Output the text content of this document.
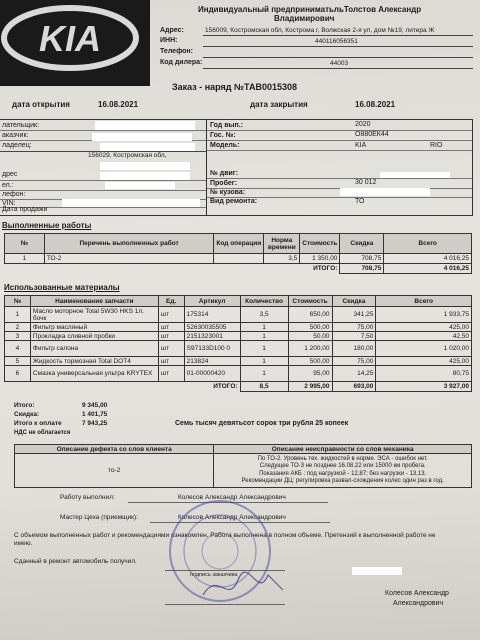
KIA
Индивидуальный предприниматьльТолстов Александр
Владимирович
Адрес:	156009, Костромская обл, Кострома г, Волжская 2-я ул, дом №19, литера Ж
ИНН:	440116056351
Телефон:
Код дилера:	44003
Заказ - наряд №ТАВ0015308
дата открытия	16.08.2021	дата закрытия	16.08.2021
лательщик:
аказчик:
ладелец:
156029, Костромская обл,
дрес
ел.:
лефон:
VIN:
Дата продажи
Год вып.:	2020
Гос. №:	О880ЕК44
Модель:	KIA	RIO
№ двиг:
Пробег:	30 012
№ кузова:
Вид ремонта:	ТО
Выполненные работы
№	Перечень выполненных работ	Код операции	Норма времени	Стоимость	Скидка	Всего
1	ТО-2		3,5	1 350,00	708,75	4 016,25
		ИТОГО:			708,75	4 016,25
Использованные материалы
№	Наименование запчасти	Ед.	Артикул	Количество	Стоимость	Скидка	Всего
1	Масло моторное Total 5W30 HKS 1л. бочк	шт	175314	3,5	650,00	341,25	1 933,75
2	Фильтр масляный	шт	52630035505	1	500,00	75,00	425,00
3	Прокладка сливной пробки	шт	2151323001	1	50,00	7,50	42,50
4	Фильтр салона	шт	S97133D100 0	1	1 200,00	180,00	1 020,00
5	Жидкость тормозная Total DOT4	шт	213824	1	500,00	75,00	425,00
6	Смазка универсальная ультра KRYTEX	шт	01-00000420	1	95,00	14,25	80,75
			ИТОГО:	8,5	2 995,00	693,00	3 927,00
Итого:	9 345,00
Скидка:	1 401,75
Итого к оплате	7 943,25
НДС не облагается
Семь тысяч девятьсот сорок три рубля 25 копеек
Описание дефекта со слов клиента	Описание неисправности со слов механика
то-2	По ТО-2. Уровень тех. жидкостей в норме. ЭСА - ошибок нет.
Следущее ТО-3 не позднее 16.08.22 или 15000 км пробега.
Показания АКБ : под нагрузкой - 12,87; без нагрузки - 13,13.
Рекомендации ДЦ: регулировка развал-схождения колес один раз в год.
Работу выполнил:	Колесов Александр Александрович
Мастер Цеха (приемщик):	Колесов Александр Александрович
С объемом выполненных работ и рекомендациями ознакомлен. Работа выполнена в полном объеме. Претензий к выполненной работе не
имею.
Сданный в ремонт автомобиль получил.
подпись заказчика
Колесов Александр
Александрович
